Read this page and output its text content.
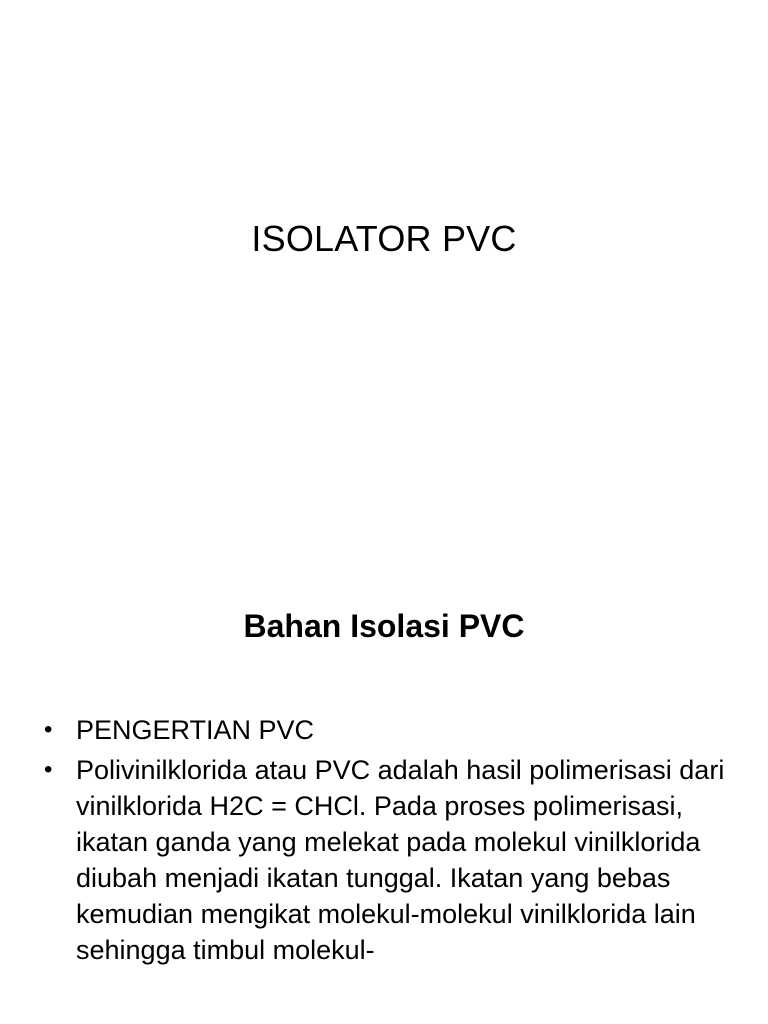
ISOLATOR PVC
Bahan Isolasi PVC
• PENGERTIAN PVC
• Polivinilklorida atau PVC adalah hasil polimerisasi dari vinilklorida H2C = CHCl. Pada proses polimerisasi, ikatan ganda yang melekat pada molekul vinilklorida diubah menjadi ikatan tunggal. Ikatan yang bebas kemudian mengikat molekul-molekul vinilklorida lain sehingga timbul molekul-
